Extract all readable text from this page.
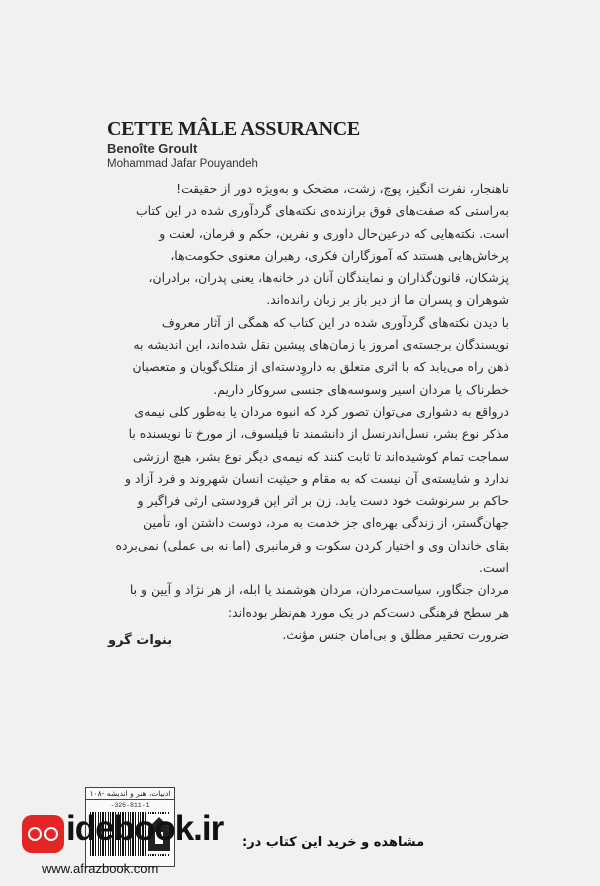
CETTE MÂLE ASSURANCE
Benoîte Groult
Mohammad Jafar Pouyandeh
ناهنجار، نفرت انگیز، پوچ، زشت، مضحک و به‌ویژه دور از حقیقت!
به‌راستی که صفت‌های فوق برازنده‌ی نکته‌های گردآوری شده در این کتاب
است. نکته‌هایی که درعین‌حال داوری و نفرین، حکم و فرمان، لعنت و
پرخاش‌هایی هستند که آموزگاران فکری، رهبران معنوی حکومت‌ها،
پزشکان، قانون‌گذاران و نمایندگان آنان در خانه‌ها، یعنی پدران، برادران،
شوهران و پسران ما از دیر باز بر زبان رانده‌اند.
با دیدن نکته‌های گردآوری شده در این کتاب که همگی از آثار معروف
نویسندگان برجسته‌ی امروز یا زمان‌های پیشین نقل شده‌اند، این اندیشه به
ذهن راه می‌یابد که با اثری متعلق به داروِدسته‌ای از متلک‌گویان و متعصبان
خطرناک یا مردان اسیر وسوسه‌های جنسی سروکار داریم.
درواقع به دشواری می‌توان تصور کرد که انبوه مردان یا به‌طور کلی نیمه‌ی
مذکر نوع بشر، نسل‌اندرنسل از دانشمند تا فیلسوف، از مورخ تا نویسنده با
سماجت تمام کوشیده‌اند تا ثابت کنند که نیمه‌ی دیگر نوع بشر، هیچ ارزشی
ندارد و شایسته‌ی آن نیست که به مقام و حیثیت انسان شهروند و فرد آزاد و
حاکم بر سرنوشت خود دست یابد. زن بر اثر این فرودستی ارثی فراگیر و
جهان‌گستر، از زندگی بهره‌ای جز خدمت به مرد، دوست داشتن او، تأمین
بقای خاندان وی و اختیار کردن سکوت و فرمانبری (اما نه بی عملی) نمی‌برده
است.
مردان جنگاور، سیاست‌مردان، مردان هوشمند یا ابله، از هر نژاد و آیین و با
هر سطح فرهنگی دست‌کم در یک مورد هم‌نظر بوده‌اند:
ضرورت تحقیر مطلق و بی‌امان جنس مؤنث.
بنوات گرو
ادبیات، هنر و اندیشه -۱۰۸
-326-811-1
idebook.ir مشاهده و خرید این کتاب در:
www.afrazbook.com
